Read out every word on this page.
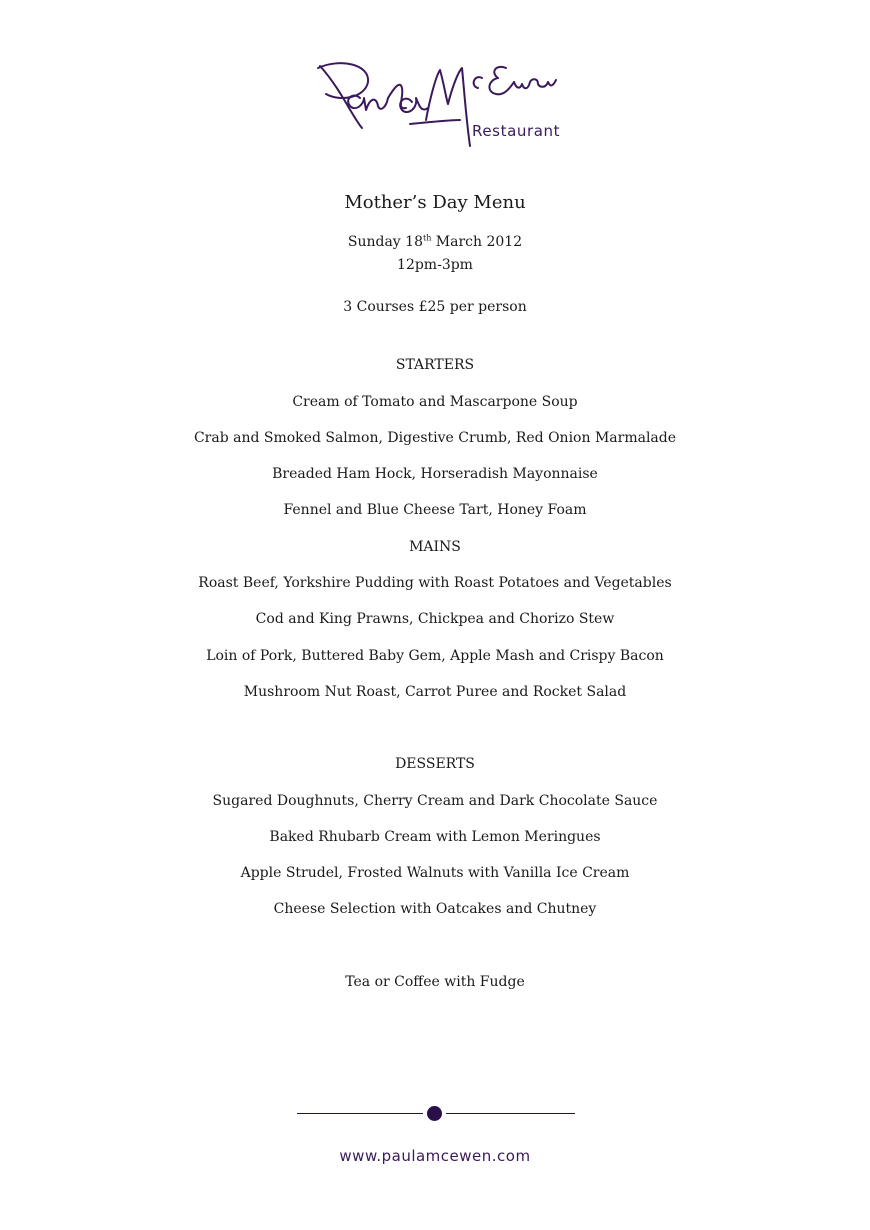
Restaurant
Mother’s Day Menu
Sunday 18th March 2012
12pm-3pm
3 Courses £25 per person
STARTERS
Cream of Tomato and Mascarpone Soup
Crab and Smoked Salmon, Digestive Crumb, Red Onion Marmalade
Breaded Ham Hock, Horseradish Mayonnaise
Fennel and Blue Cheese Tart, Honey Foam
MAINS
Roast Beef, Yorkshire Pudding with Roast Potatoes and Vegetables
Cod and King Prawns, Chickpea and Chorizo Stew
Loin of Pork, Buttered Baby Gem, Apple Mash and Crispy Bacon
Mushroom Nut Roast, Carrot Puree and Rocket Salad
DESSERTS
Sugared Doughnuts, Cherry Cream and Dark Chocolate Sauce
Baked Rhubarb Cream with Lemon Meringues
Apple Strudel, Frosted Walnuts with Vanilla Ice Cream
Cheese Selection with Oatcakes and Chutney
Tea or Coffee with Fudge
www.paulamcewen.com
